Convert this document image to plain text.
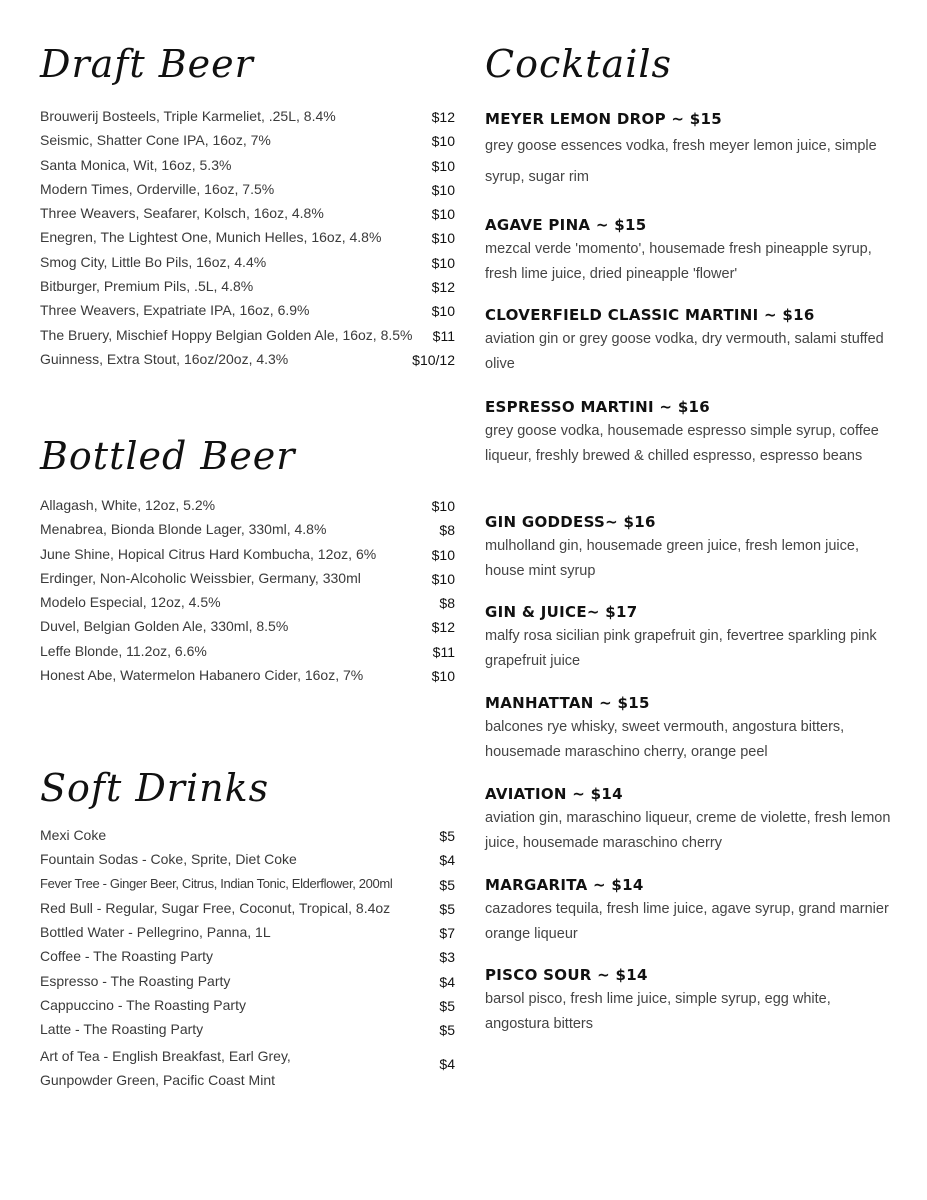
Draft Beer
Brouwerij Bosteels, Triple Karmeliet, .25L, 8.4%	$12
Seismic, Shatter Cone IPA, 16oz, 7%	$10
Santa Monica, Wit, 16oz, 5.3%	$10
Modern Times, Orderville, 16oz, 7.5%	$10
Three Weavers, Seafarer, Kolsch, 16oz, 4.8%	$10
Enegren, The Lightest One, Munich Helles, 16oz, 4.8%	$10
Smog City, Little Bo Pils, 16oz, 4.4%	$10
Bitburger, Premium Pils, .5L, 4.8%	$12
Three Weavers, Expatriate IPA, 16oz, 6.9%	$10
The Bruery, Mischief Hoppy Belgian Golden Ale, 16oz, 8.5% $11
Guinness, Extra Stout, 16oz/20oz, 4.3%	$10/12
Bottled Beer
Allagash, White, 12oz, 5.2%	$10
Menabrea, Bionda Blonde Lager, 330ml, 4.8%	$8
June Shine, Hopical Citrus Hard Kombucha, 12oz, 6%	$10
Erdinger, Non-Alcoholic Weissbier, Germany, 330ml	$10
Modelo Especial, 12oz, 4.5%	$8
Duvel, Belgian Golden Ale, 330ml, 8.5%	$12
Leffe Blonde, 11.2oz, 6.6%	$11
Honest Abe, Watermelon Habanero Cider, 16oz, 7%	$10
Soft Drinks
Mexi Coke	$5
Fountain Sodas - Coke, Sprite, Diet Coke	$4
Fever Tree - Ginger Beer, Citrus, Indian Tonic, Elderflower, 200ml	$5
Red Bull - Regular, Sugar Free, Coconut, Tropical, 8.4oz	$5
Bottled Water - Pellegrino, Panna, 1L	$7
Coffee - The Roasting Party	$3
Espresso - The Roasting Party	$4
Cappuccino - The Roasting Party	$5
Latte - The Roasting Party	$5
Art of Tea - English Breakfast, Earl Grey,
Gunpowder Green, Pacific Coast Mint
$4
Cocktails
MEYER LEMON DROP ~ $15
grey goose essences vodka, fresh meyer lemon juice, simple syrup, sugar rim
AGAVE PINA ~ $15
mezcal verde 'momento', housemade fresh pineapple syrup, fresh lime juice, dried pineapple 'flower'
CLOVERFIELD CLASSIC MARTINI ~ $16
aviation gin or grey goose vodka, dry vermouth, salami stuffed olive
ESPRESSO MARTINI ~ $16
grey goose vodka, housemade espresso simple syrup, coffee liqueur, freshly brewed & chilled espresso, espresso beans
GIN GODDESS~ $16
mulholland gin, housemade green juice, fresh lemon juice, house mint syrup
GIN & JUICE~ $17
malfy rosa sicilian pink grapefruit gin, fevertree sparkling pink grapefruit juice
MANHATTAN ~ $15
balcones rye whisky, sweet vermouth, angostura bitters, housemade maraschino cherry, orange peel
AVIATION ~ $14
aviation gin, maraschino liqueur, creme de violette, fresh lemon juice, housemade maraschino cherry
MARGARITA ~ $14
cazadores tequila, fresh lime juice, agave syrup, grand marnier orange liqueur
PISCO SOUR ~ $14
barsol pisco, fresh lime juice, simple syrup, egg white, angostura bitters
